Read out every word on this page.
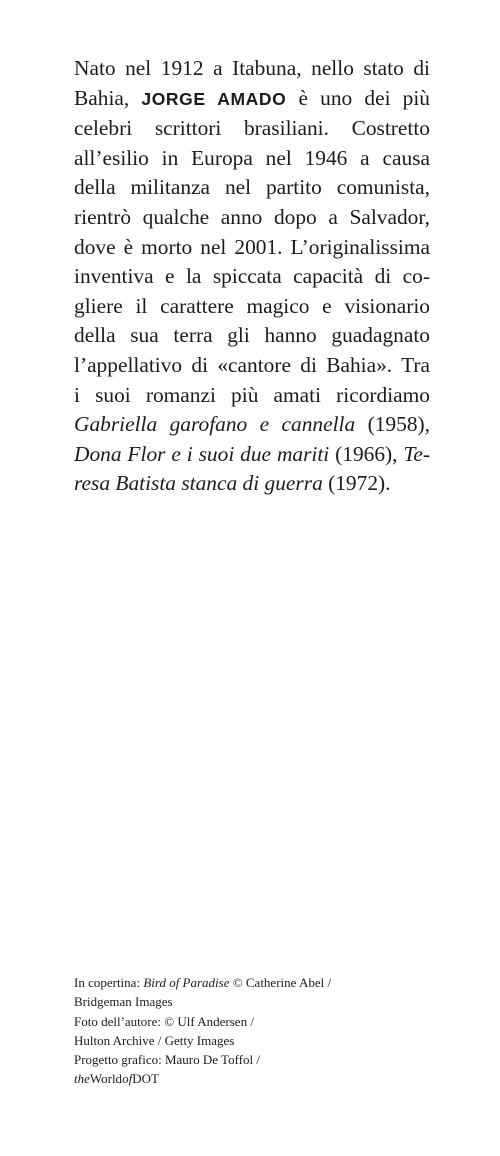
Nato nel 1912 a Itabuna, nello stato di
Bahia, JORGE AMADO è uno dei più
celebri scrittori brasiliani. Costretto
all’esilio in Europa nel 1946 a causa
della militanza nel partito comunista,
rientrò qualche anno dopo a Salvador,
dove è morto nel 2001. L’originalissima
inventiva e la spiccata capacità di co-
gliere il carattere magico e visionario
della sua terra gli hanno guadagnato
l’appellativo di «cantore di Bahia». Tra
i suoi romanzi più amati ricordiamo
Gabriella garofano e cannella (1958),
Dona Flor e i suoi due mariti (1966), Te-
resa Batista stanca di guerra (1972).
In copertina: Bird of Paradise © Catherine Abel /
Bridgeman Images
Foto dell’autore: © Ulf Andersen /
Hulton Archive / Getty Images
Progetto grafico: Mauro De Toffol /
theWorldofDOT
